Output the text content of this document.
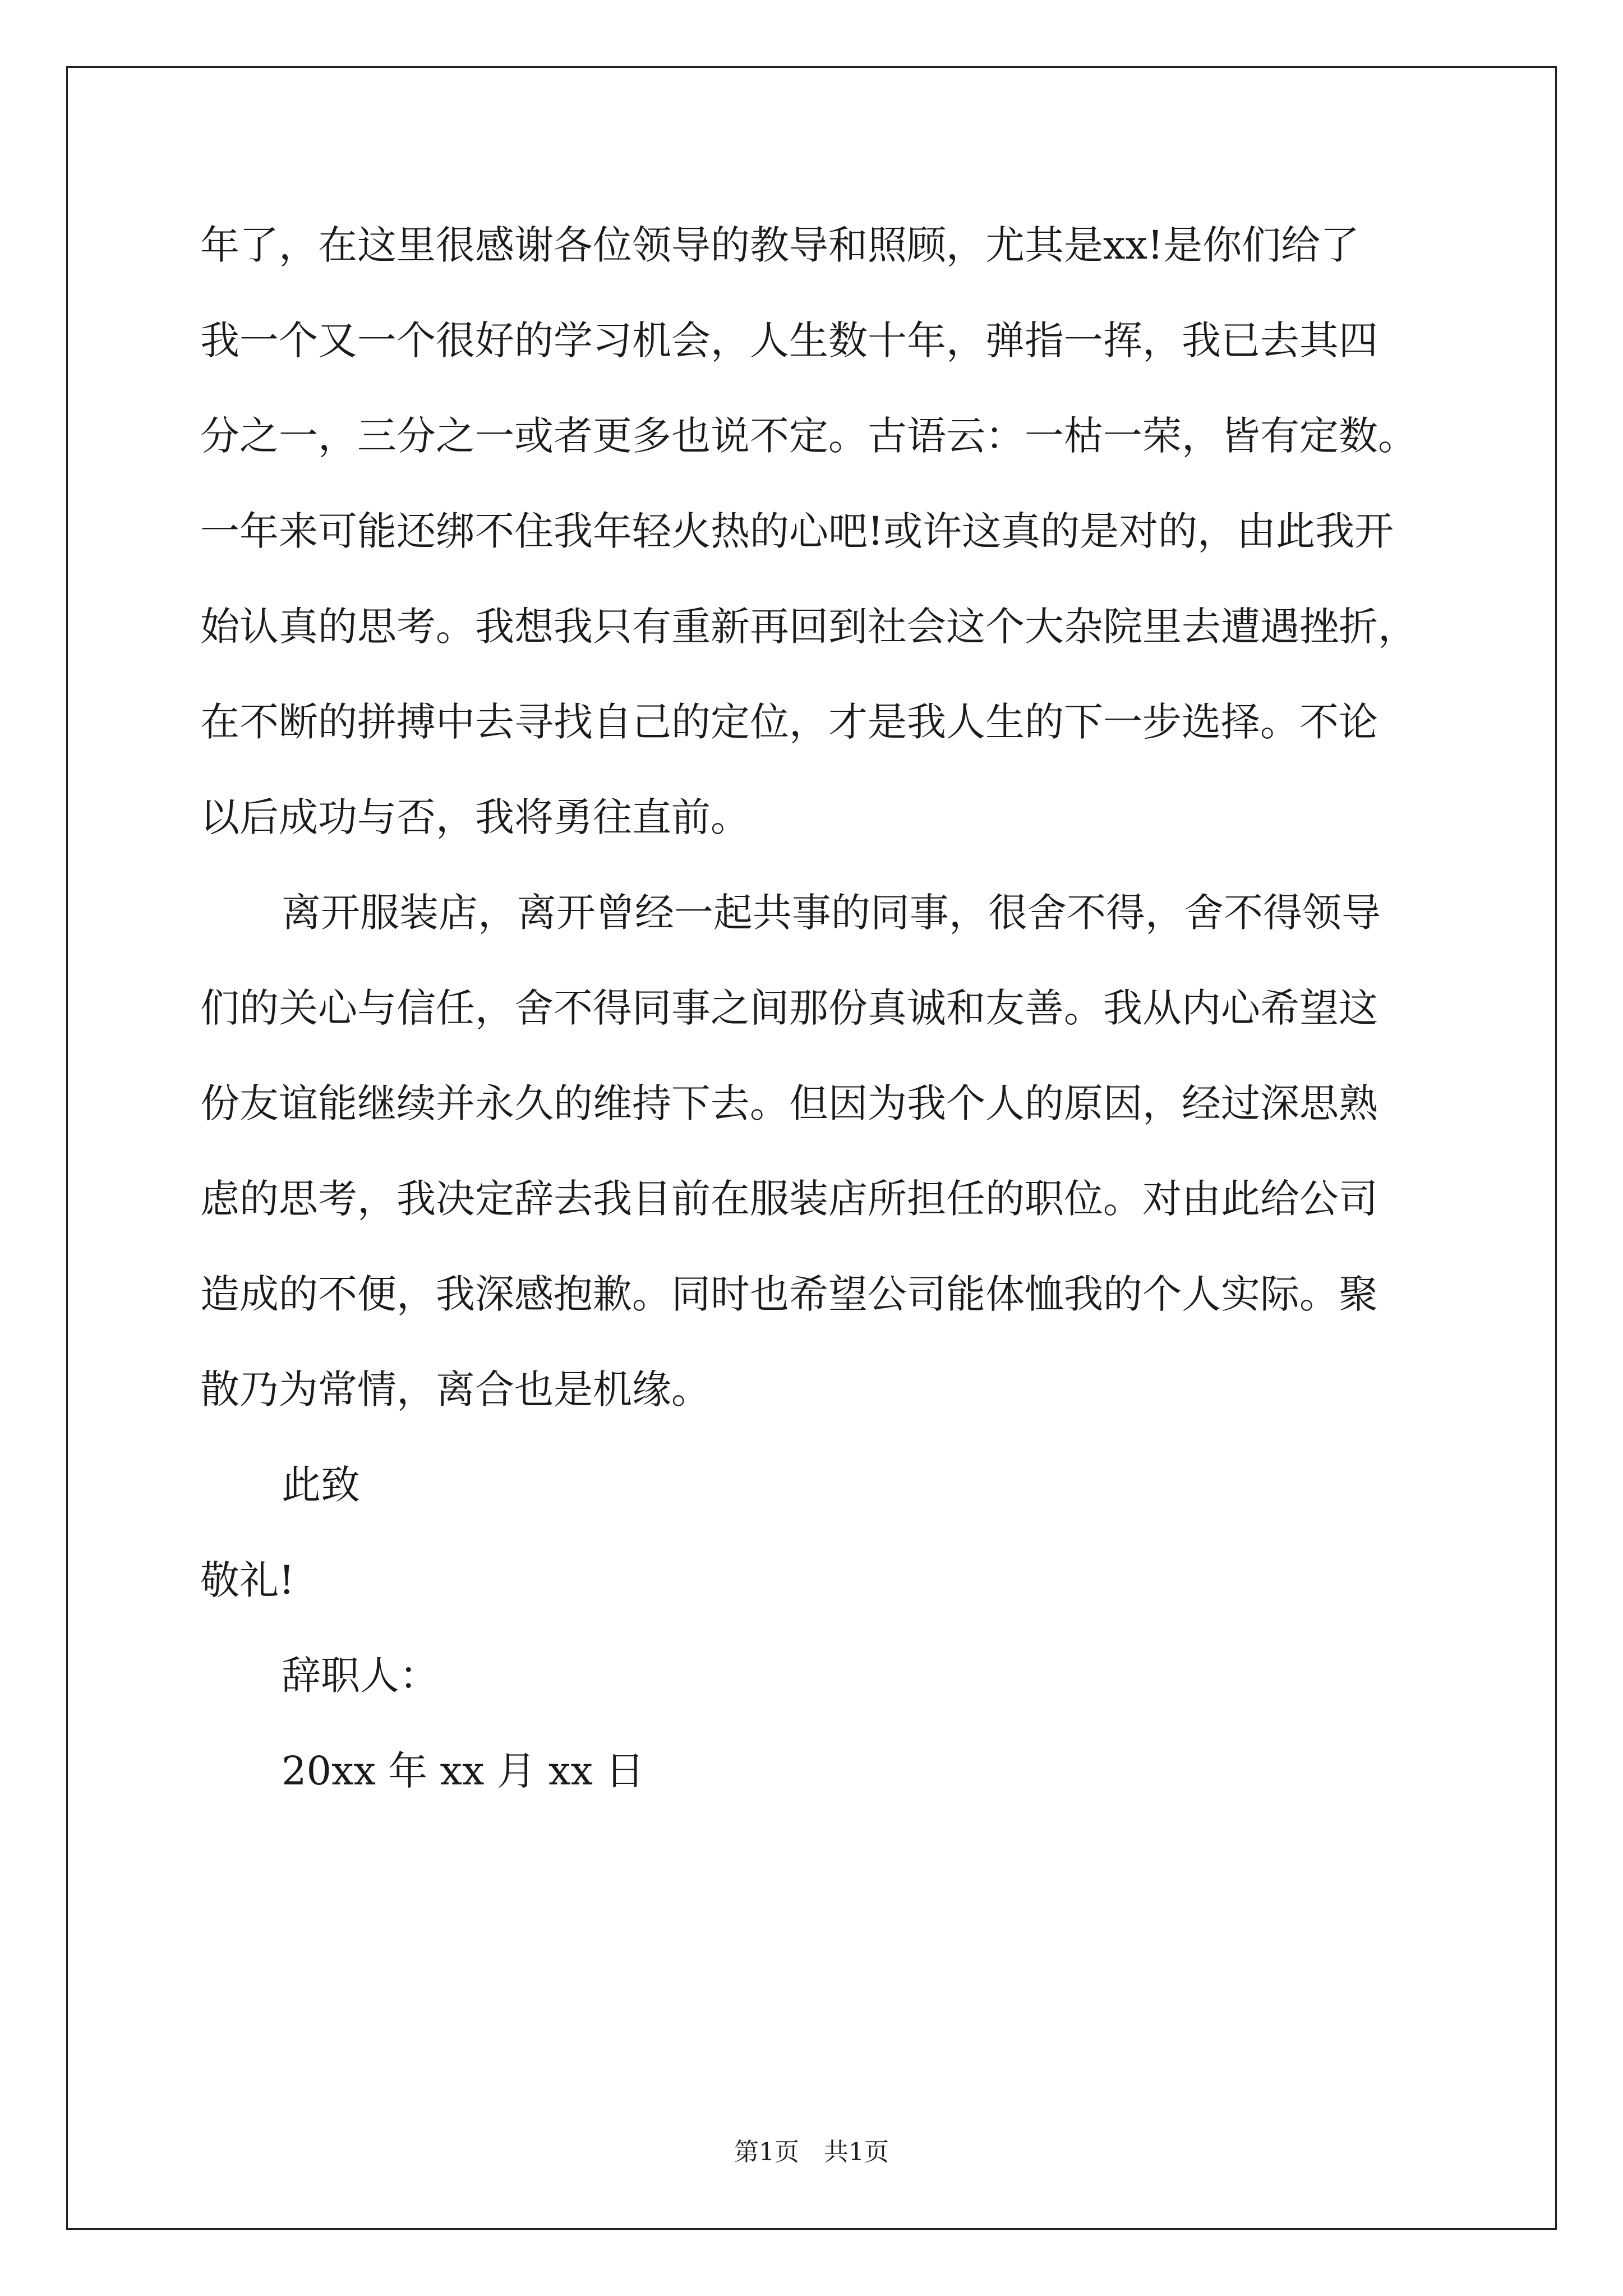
年了，在这里很感谢各位领导的教导和照顾，尤其是xx!是你们给了
我一个又一个很好的学习机会，人生数十年，弹指一挥，我已去其四
分之一，三分之一或者更多也说不定。古语云：一枯一荣，皆有定数。
一年来可能还绑不住我年轻火热的心吧!或许这真的是对的，由此我开
始认真的思考。我想我只有重新再回到社会这个大杂院里去遭遇挫折，
在不断的拼搏中去寻找自己的定位，才是我人生的下一步选择。不论
以后成功与否，我将勇往直前。
离开服装店，离开曾经一起共事的同事，很舍不得，舍不得领导
们的关心与信任，舍不得同事之间那份真诚和友善。我从内心希望这
份友谊能继续并永久的维持下去。但因为我个人的原因，经过深思熟
虑的思考，我决定辞去我目前在服装店所担任的职位。对由此给公司
造成的不便，我深感抱歉。同时也希望公司能体恤我的个人实际。聚
散乃为常情，离合也是机缘。
此致
敬礼!
辞职人：
20xx 年 xx 月 xx 日
第1页　共1页
